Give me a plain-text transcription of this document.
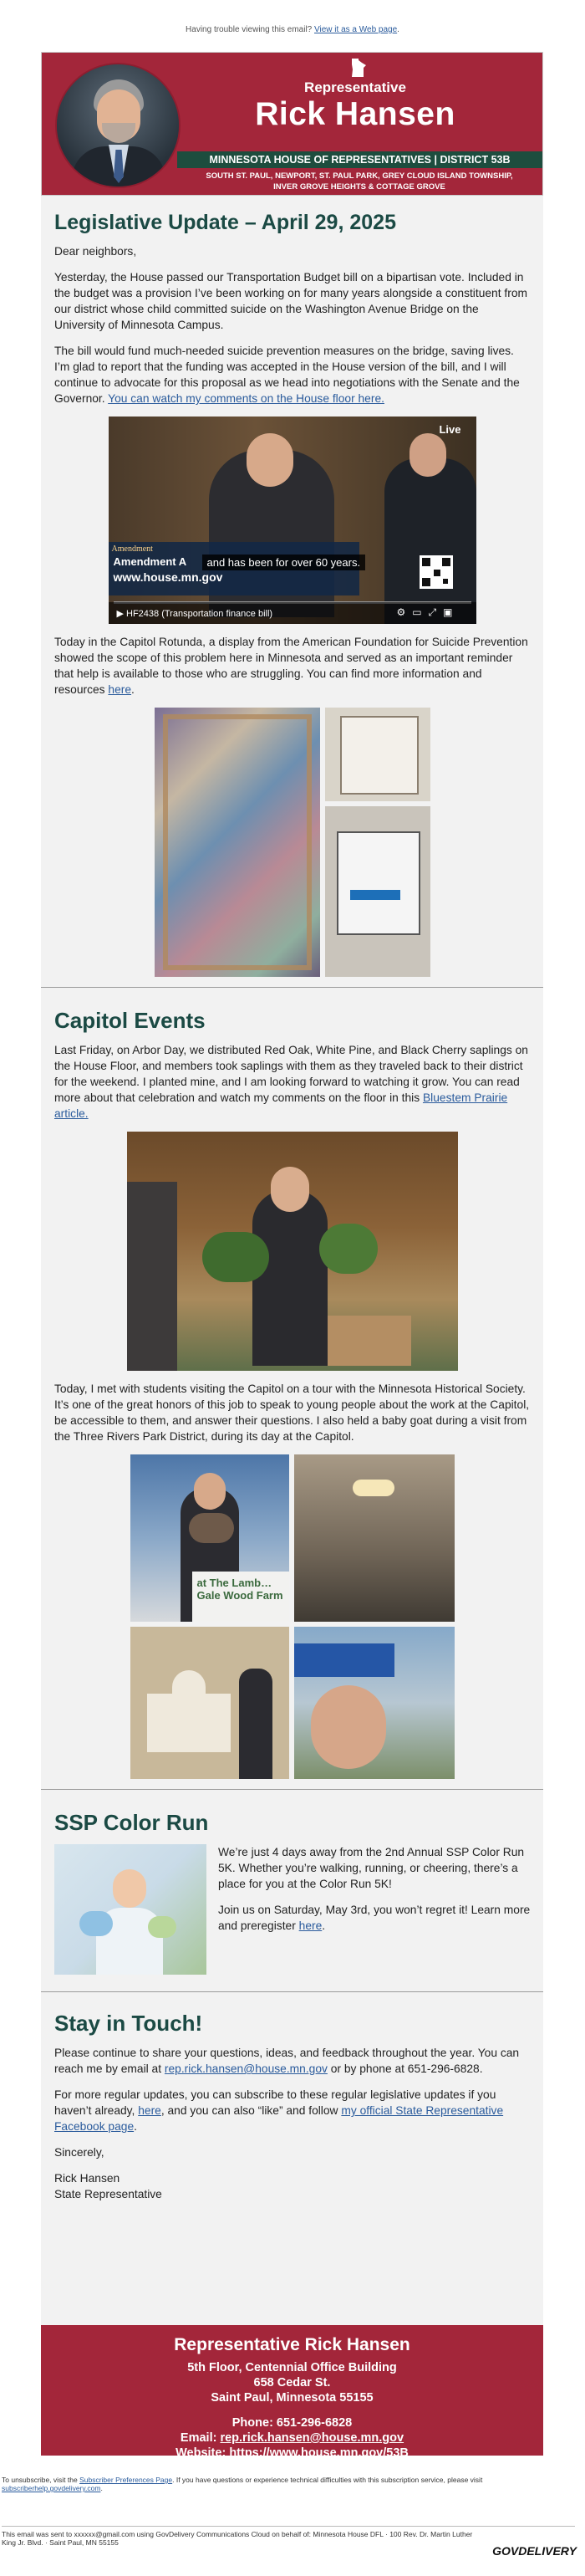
Having trouble viewing this email? View it as a Web page.
Representative
Rick Hansen
MINNESOTA HOUSE OF REPRESENTATIVES | DISTRICT 53B
SOUTH ST. PAUL, NEWPORT, ST. PAUL PARK, GREY CLOUD ISLAND TOWNSHIP,
INVER GROVE HEIGHTS & COTTAGE GROVE
Legislative Update – April 29, 2025

Dear neighbors,

Yesterday, the House passed our Transportation Budget bill on a bipartisan vote. Included in the budget was a provision I’ve been working on for many years alongside a constituent from our district whose child committed suicide on the Washington Avenue Bridge on the University of Minnesota Campus.

The bill would fund much-needed suicide prevention measures on the bridge, saving lives. I’m glad to report that the funding was accepted in the House version of the bill, and I will continue to advocate for this proposal as we head into negotiations with the Senate and the Governor. You can watch my comments on the House floor here.

Live
Amendment
Amendment A
www.house.mn.gov
and has been for over 60 years.
▶ HF2438 (Transportation finance bill)	⚙▭⤢▣

Today in the Capitol Rotunda, a display from the American Foundation for Suicide Prevention showed the scope of this problem here in Minnesota and served as an important reminder that help is available to those who are struggling. You can find more information and resources here.

Capitol Events

Last Friday, on Arbor Day, we distributed Red Oak, White Pine, and Black Cherry saplings on the House Floor, and members took saplings with them as they traveled back to their district for the weekend. I planted mine, and I am looking forward to watching it grow. You can read more about that celebration and watch my comments on the floor in this Bluestem Prairie article.

Today, I met with students visiting the Capitol on a tour with the Minnesota Historical Society. It’s one of the great honors of this job to speak to young people about the work at the Capitol, be accessible to them, and answer their questions. I also held a baby goat during a visit from the Three Rivers Park District, during its day at the Capitol.

at The Lamb… Gale Wood Farm
SSP Color Run

We’re just 4 days away from the 2nd Annual SSP Color Run 5K. Whether you’re walking, running, or cheering, there’s a place for you at the Color Run 5K!

Join us on Saturday, May 3rd, you won’t regret it! Learn more and preregister here.

Stay in Touch!

Please continue to share your questions, ideas, and feedback throughout the year. You can reach me by email at rep.rick.hansen@house.mn.gov or by phone at 651-296-6828.

For more regular updates, you can subscribe to these regular legislative updates if you haven’t already, here, and you can also “like” and follow my official State Representative Facebook page.

Sincerely,

Rick Hansen
State Representative

Representative Rick Hansen
5th Floor, Centennial Office Building
658 Cedar St.
Saint Paul, Minnesota 55155
Phone: 651-296-6828
Email: rep.rick.hansen@house.mn.gov
Website: https://www.house.mn.gov/53B
To unsubscribe, visit the Subscriber Preferences Page. If you have questions or experience technical difficulties with this subscription service, please visit subscriberhelp.govdelivery.com.
This email was sent to xxxxxx@gmail.com using GovDelivery Communications Cloud on behalf of: Minnesota House DFL · 100 Rev. Dr. Martin Luther King Jr. Blvd. · Saint Paul, MN 55155
GOVDELIVERY
